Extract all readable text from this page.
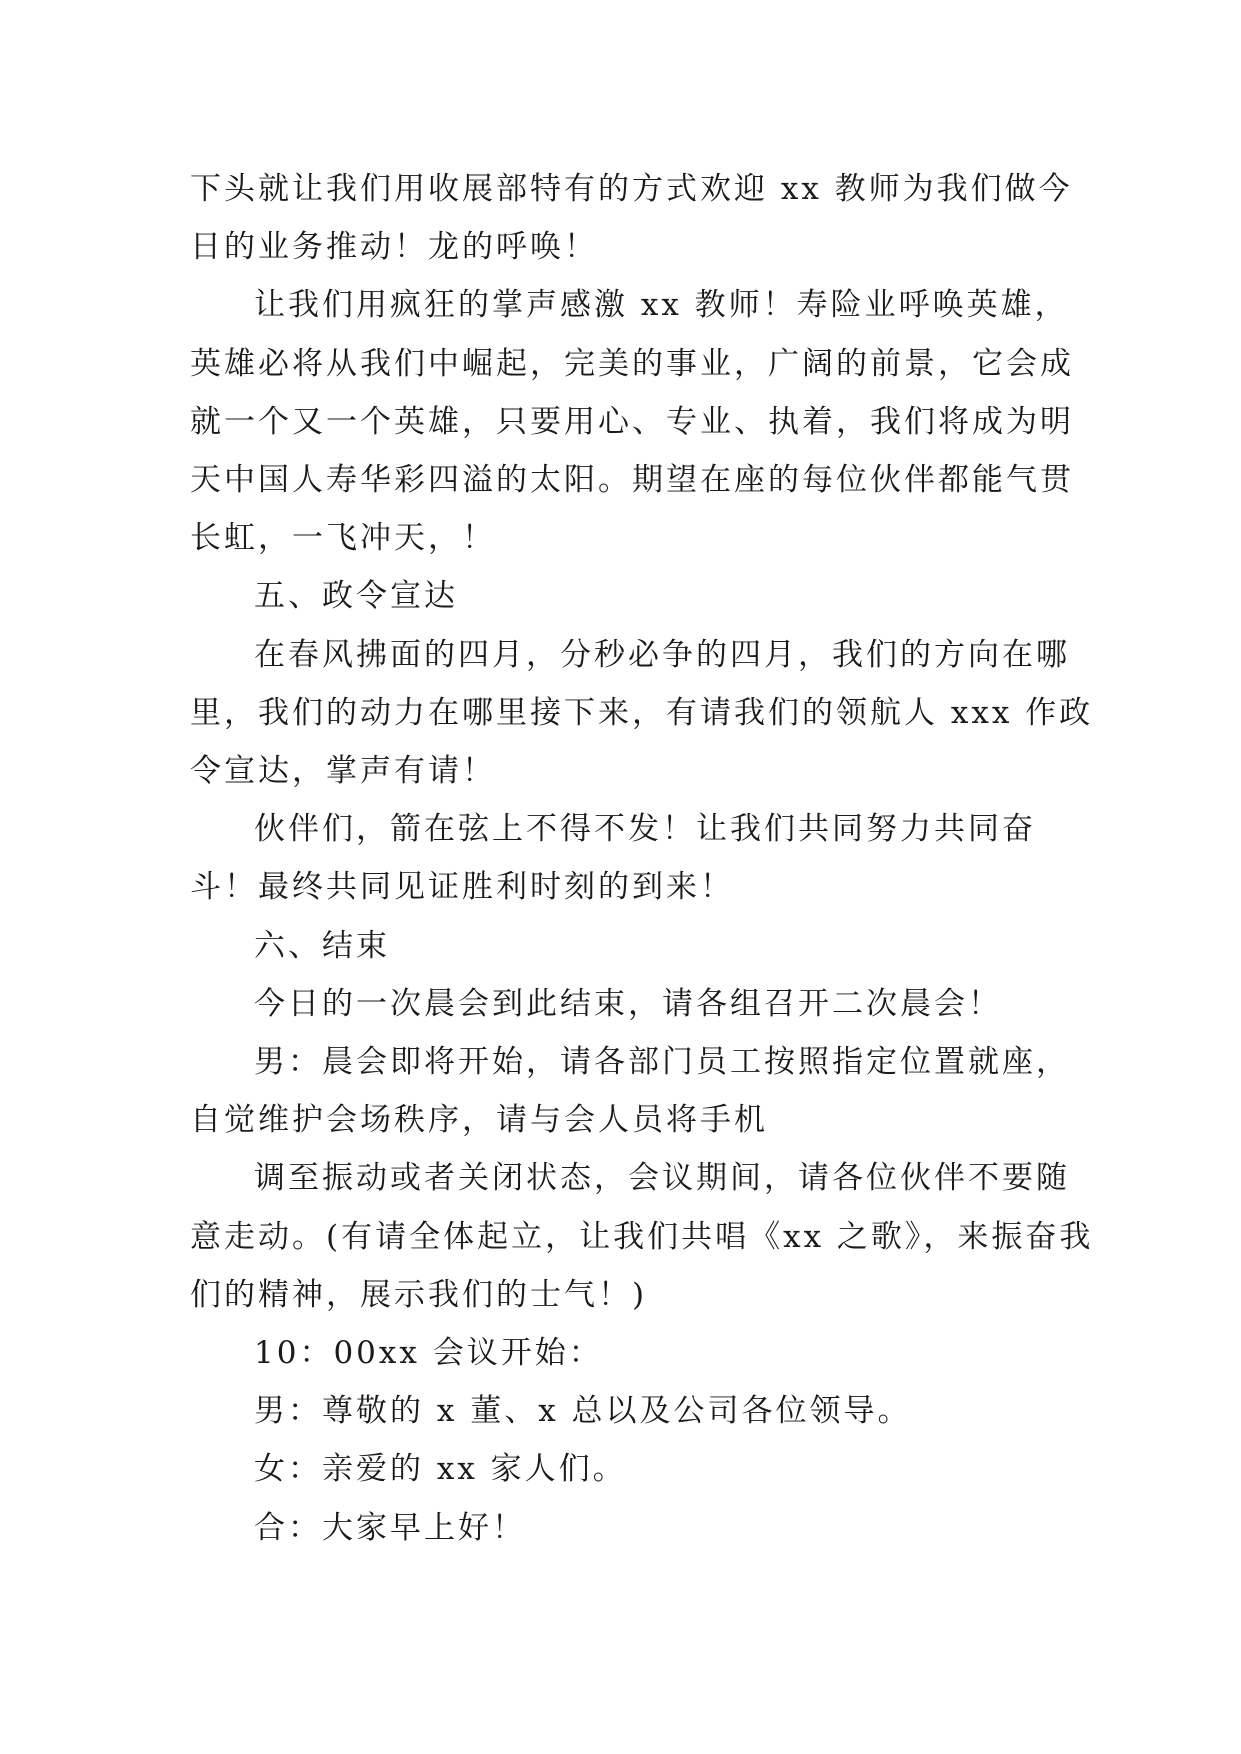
下头就让我们用收展部特有的方式欢迎 xx 教师为我们做今
日的业务推动！龙的呼唤！

让我们用疯狂的掌声感激 xx 教师！寿险业呼唤英雄，
英雄必将从我们中崛起，完美的事业，广阔的前景，它会成
就一个又一个英雄，只要用心、专业、执着，我们将成为明
天中国人寿华彩四溢的太阳。期望在座的每位伙伴都能气贯
长虹，一飞冲天，！

五、政令宣达

在春风拂面的四月，分秒必争的四月，我们的方向在哪
里，我们的动力在哪里接下来，有请我们的领航人 xxx 作政
令宣达，掌声有请！

伙伴们，箭在弦上不得不发！让我们共同努力共同奋
斗！最终共同见证胜利时刻的到来！

六、结束

今日的一次晨会到此结束，请各组召开二次晨会！

男：晨会即将开始，请各部门员工按照指定位置就座，
自觉维护会场秩序，请与会人员将手机

调至振动或者关闭状态，会议期间，请各位伙伴不要随
意走动。(有请全体起立，让我们共唱《xx 之歌》，来振奋我
们的精神，展示我们的士气！)

10：00xx 会议开始：

男：尊敬的 x 董、x 总以及公司各位领导。

女：亲爱的 xx 家人们。

合：大家早上好！
